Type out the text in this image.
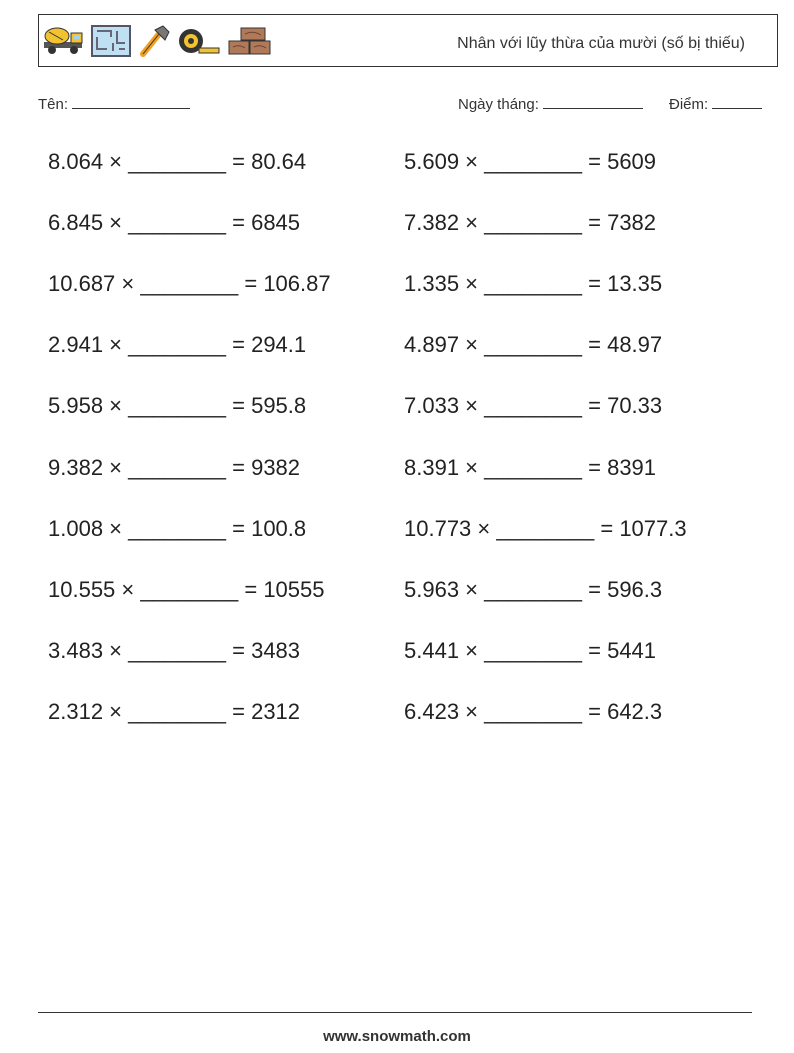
Nhân với lũy thừa của mười (số bị thiếu)
Tên:	Ngày tháng:	Điểm:
8.064 × ________ = 80.64	5.609 × ________ = 5609
6.845 × ________ = 6845	7.382 × ________ = 7382
10.687 × ________ = 106.87	1.335 × ________ = 13.35
2.941 × ________ = 294.1	4.897 × ________ = 48.97
5.958 × ________ = 595.8	7.033 × ________ = 70.33
9.382 × ________ = 9382	8.391 × ________ = 8391
1.008 × ________ = 100.8	10.773 × ________ = 1077.3
10.555 × ________ = 10555	5.963 × ________ = 596.3
3.483 × ________ = 3483	5.441 × ________ = 5441
2.312 × ________ = 2312	6.423 × ________ = 642.3
www.snowmath.com
